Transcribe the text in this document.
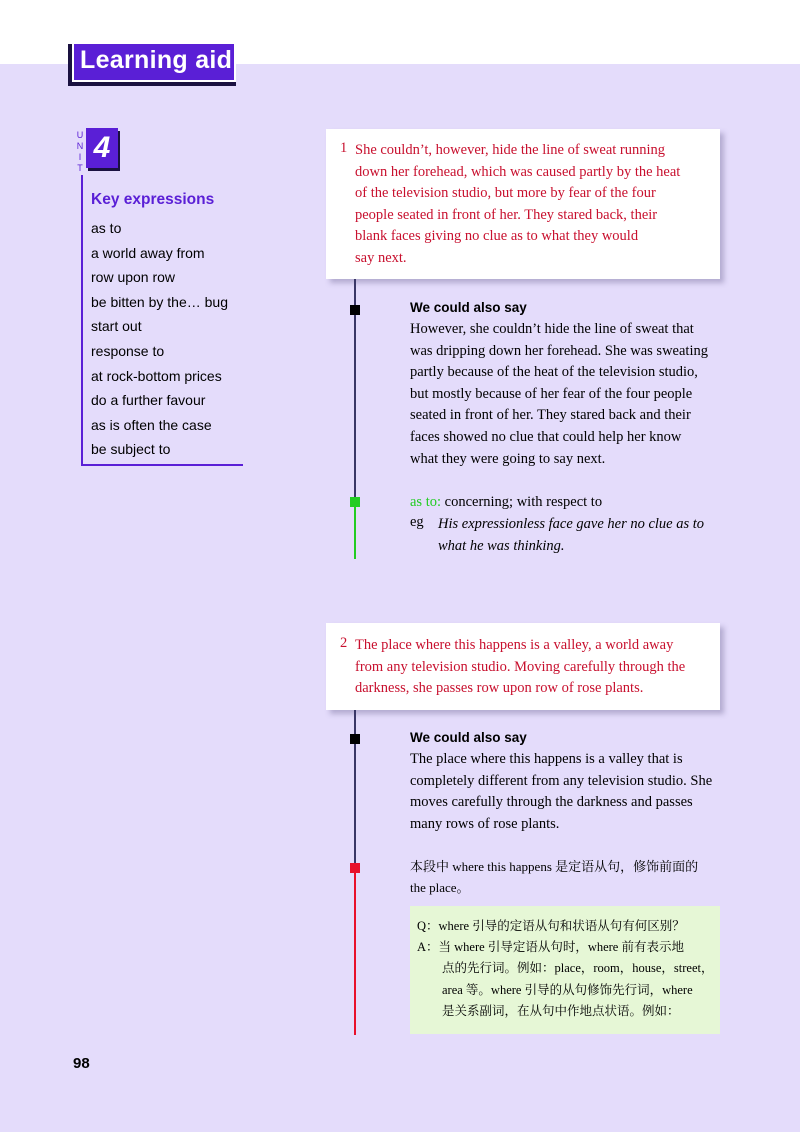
Learning aid
U
N
I
T
4
Key expressions
as to
a world away from
row upon row
be bitten by the… bug
start out
response to
at rock-bottom prices
do a further favour
as is often the case
be subject to
1 She couldn’t, however, hide the line of sweat running
down her forehead, which was caused partly by the heat
of the television studio, but more by fear of the four
people seated in front of her. They stared back, their
blank faces giving no clue as to what they would
say next.
We could also say
However, she couldn’t hide the line of sweat that
was dripping down her forehead. She was sweating
partly because of the heat of the television studio,
but mostly because of her fear of the four people
seated in front of her. They stared back and their
faces showed no clue that could help her know
what they were going to say next.
as to: concerning; with respect to
eg His expressionless face gave her no clue as to
what he was thinking.
2 The place where this happens is a valley, a world away
from any television studio. Moving carefully through the
darkness, she passes row upon row of rose plants.
We could also say
The place where this happens is a valley that is
completely different from any television studio. She
moves carefully through the darkness and passes
many rows of rose plants.
本段中 where this happens 是定语从句，修饰前面的
the place。
Q：where 引导的定语从句和状语从句有何区别？
A：当 where 引导定语从句时，where 前有表示地
　　点的先行词。例如：place，room，house，street，
　　area 等。where 引导的从句修饰先行词，where
　　是关系副词，在从句中作地点状语。例如：
98
